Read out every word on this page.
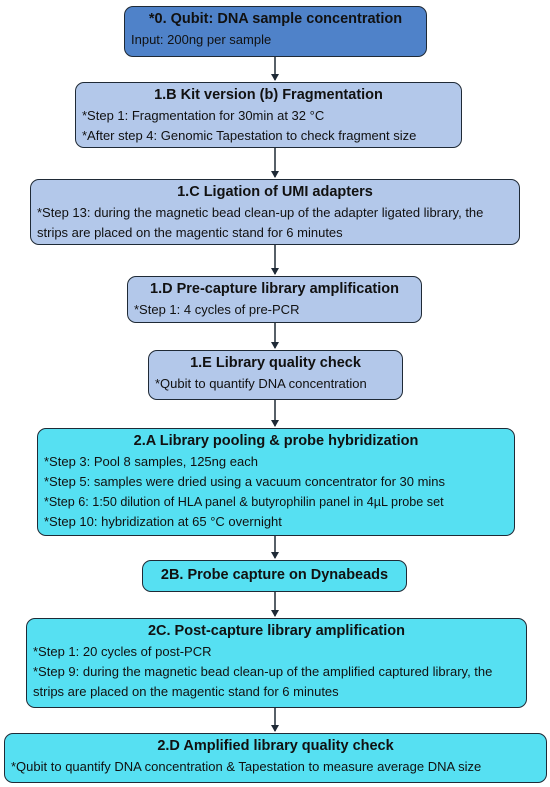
*0. Qubit: DNA sample concentration
Input: 200ng per sample
1.B Kit version (b) Fragmentation
*Step 1: Fragmentation for 30min at 32 °C
*After step 4: Genomic Tapestation to check fragment size
1.C Ligation of UMI adapters
*Step 13: during the magnetic bead clean-up of the adapter ligated library, the strips are placed on the magentic stand for 6 minutes
1.D Pre-capture library amplification
*Step 1: 4 cycles of pre-PCR
1.E Library quality check
*Qubit to quantify DNA concentration
2.A Library pooling & probe hybridization
*Step 3: Pool 8 samples, 125ng each
*Step 5: samples were dried using a vacuum concentrator for 30 mins
*Step 6: 1:50 dilution of HLA panel & butyrophilin panel in 4µL probe set
*Step 10: hybridization at 65 °C overnight
2B. Probe capture on Dynabeads
2C. Post-capture library amplification
*Step 1: 20 cycles of post-PCR
*Step 9: during the magnetic bead clean-up of the amplified captured library, the strips are placed on the magentic stand for 6 minutes
2.D Amplified library quality check
*Qubit to quantify DNA concentration & Tapestation to measure average DNA size
